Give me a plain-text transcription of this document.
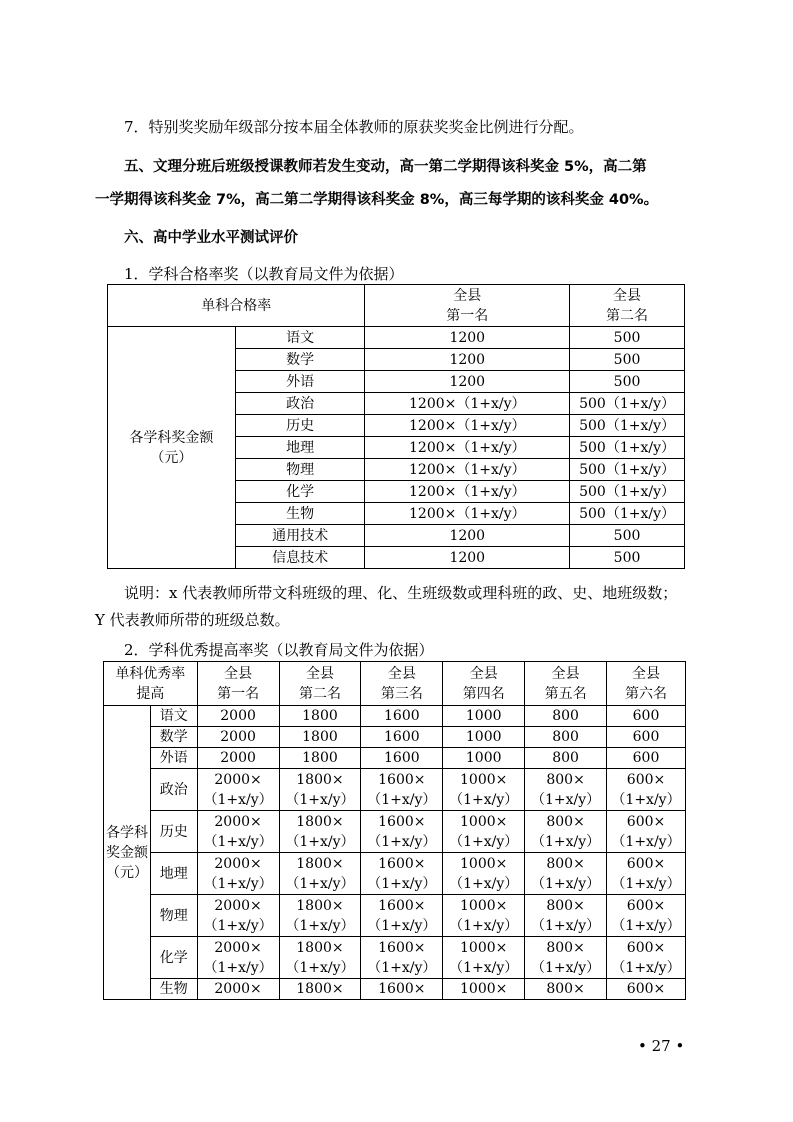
7．特别奖奖励年级部分按本届全体教师的原获奖奖金比例进行分配。
五、文理分班后班级授课教师若发生变动，高一第二学期得该科奖金 5%，高二第
一学期得该科奖金 7%，高二第二学期得该科奖金 8%，高三每学期的该科奖金 40%。
六、高中学业水平测试评价
1．学科合格率奖（以教育局文件为依据）
单科合格率		全县
第一名	全县
第二名
各学科奖金额
（元）	语文	1200	500
	数学	1200	500
	外语	1200	500
	政治	1200×（1+x/y）	500（1+x/y）
	历史	1200×（1+x/y）	500（1+x/y）
	地理	1200×（1+x/y）	500（1+x/y）
	物理	1200×（1+x/y）	500（1+x/y）
	化学	1200×（1+x/y）	500（1+x/y）
	生物	1200×（1+x/y）	500（1+x/y）
	通用技术	1200	500
	信息技术	1200	500
说明：x 代表教师所带文科班级的理、化、生班级数或理科班的政、史、地班级数；
Y 代表教师所带的班级总数。
2．学科优秀提高率奖（以教育局文件为依据）
单科优秀率
提高		全县
第一名	全县
第二名	全县
第三名	全县
第四名	全县
第五名	全县
第六名
各学科
奖金额
（元）	语文	2000	1800	1600	1000	800	600
	数学	2000	1800	1600	1000	800	600
	外语	2000	1800	1600	1000	800	600
	政治	2000×
（1+x/y）	1800×
（1+x/y）	1600×
（1+x/y）	1000×
（1+x/y）	800×
（1+x/y）	600×
（1+x/y）
	历史	2000×
（1+x/y）	1800×
（1+x/y）	1600×
（1+x/y）	1000×
（1+x/y）	800×
（1+x/y）	600×
（1+x/y）
	地理	2000×
（1+x/y）	1800×
（1+x/y）	1600×
（1+x/y）	1000×
（1+x/y）	800×
（1+x/y）	600×
（1+x/y）
	物理	2000×
（1+x/y）	1800×
（1+x/y）	1600×
（1+x/y）	1000×
（1+x/y）	800×
（1+x/y）	600×
（1+x/y）
	化学	2000×
（1+x/y）	1800×
（1+x/y）	1600×
（1+x/y）	1000×
（1+x/y）	800×
（1+x/y）	600×
（1+x/y）
	生物	2000×	1800×	1600×	1000×	800×	600×
• 27 •
